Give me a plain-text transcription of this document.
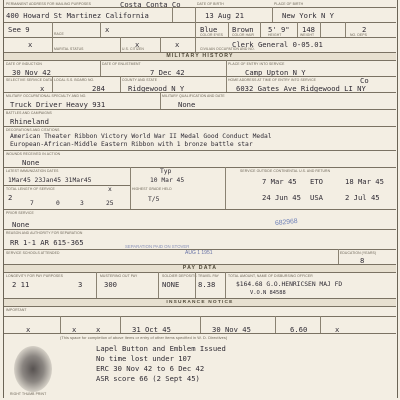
PERMANENT ADDRESS FOR MAILING PURPOSES	Costa Conta Co
400 Howard St Martinez California
DATE OF BIRTH
13 Aug 21
PLACE OF BIRTH
New York N Y
See 9	RACE	x	Blue Brown 5' 9" 148	2
COLOR EYES	COLOR HAIR	HEIGHT	WEIGHT	NO. DEPS
x	x	x	Clerk General 0-05.01
MARITAL STATUS	U.S. CITIZEN	CIVILIAN OCCUPATION AND NO.
MILITARY HISTORY
DATE OF INDUCTION
30 Nov 42
DATE OF ENLISTMENT
7 Dec 42
PLACE OF ENTRY INTO SERVICE
Camp Upton N Y
SELECTIVE SERVICE DATA
x
LOCAL S.S. BOARD NO.
284
COUNTY AND STATE
Ridgewood N Y
HOME ADDRESS AT TIME OF ENTRY INTO SERVICE	Co
6032 Gates Ave Ridgewood LI NY
MILITARY OCCUPATIONAL SPECIALTY AND NO.
Truck Driver Heavy 931
MILITARY QUALIFICATION AND DATE
None
BATTLES AND CAMPAIGNS
Rhineland
DECORATIONS AND CITATIONS
American Theater Ribbon Victory World War II Medal Good Conduct Medal
European-African-Middle Eastern Ribbon with 1 bronze battle star
WOUNDS RECEIVED IN ACTION
None
LATEST IMMUNIZATION DATES	SERVICE OUTSIDE CONTINENTAL U.S. AND RETURN
1Mar45 23Jan45 31Mar45
Typ
10 Mar 45
x
T/5
7 Mar 45 ETO	18 Mar 45
24 Jun 45 USA	2 Jul 45
TOTAL LENGTH OF SERVICE	HIGHEST GRADE HELD
2
7	0	3	25
PRIOR SERVICE
None	682968
REASON AND AUTHORITY FOR SEPARATION
RR 1-1 AR 615-365	SEPARATION PAID ON STOVER
AUG 1 1951
SERVICE SCHOOLS ATTENDED	EDUCATION (YEARS)
8
PAY DATA
LONGEVITY FOR PAY PURPOSES	MUSTERING OUT PAY	SOLDIER DEPOSITS TRAVEL PAY	TOTAL AMOUNT, NAME OF DISBURSING OFFICER
2 11	3	300	NONE	8.38	$164.68 G.O.HENRICSEN MAJ FD
V.O.N 84588
INSURANCE NOTICE
IMPORTANT
x	x	x	31 Oct 45	30 Nov 45	6.60	x
(This space for completion of above items or entry of other items specified in W. D. Directives)
RIGHT THUMB PRINT
Lapel Button and Emblem Issued
No time lost under 107
ERC 30 Nov 42 to 6 Dec 42
ASR score 66 (2 Sept 45)
